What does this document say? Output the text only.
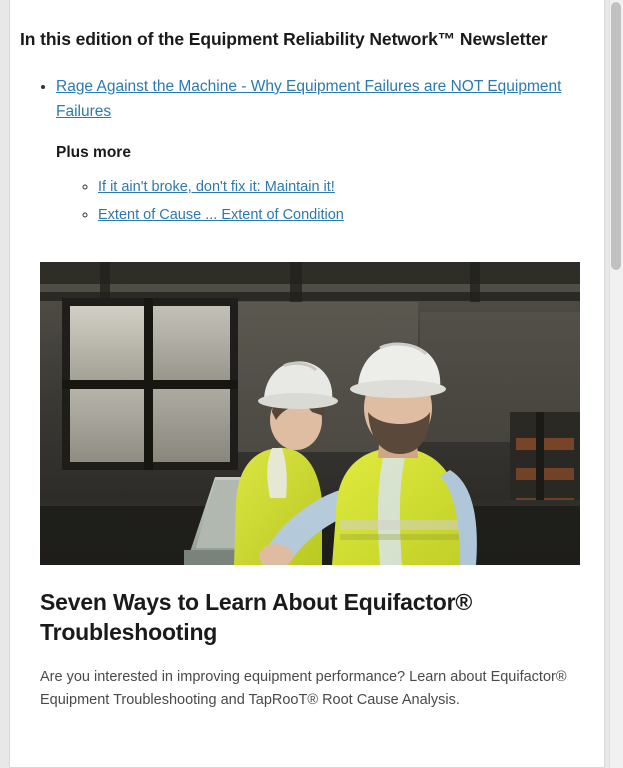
In this edition of the Equipment Reliability Network™ Newsletter
• Rage Against the Machine - Why Equipment Failures are NOT Equipment Failures
Plus more
◦ If it ain't broke, don't fix it: Maintain it!
◦ Extent of Cause ... Extent of Condition
Seven Ways to Learn About Equifactor® Troubleshooting

Are you interested in improving equipment performance? Learn about Equifactor® Equipment Troubleshooting and TapRooT® Root Cause Analysis.
